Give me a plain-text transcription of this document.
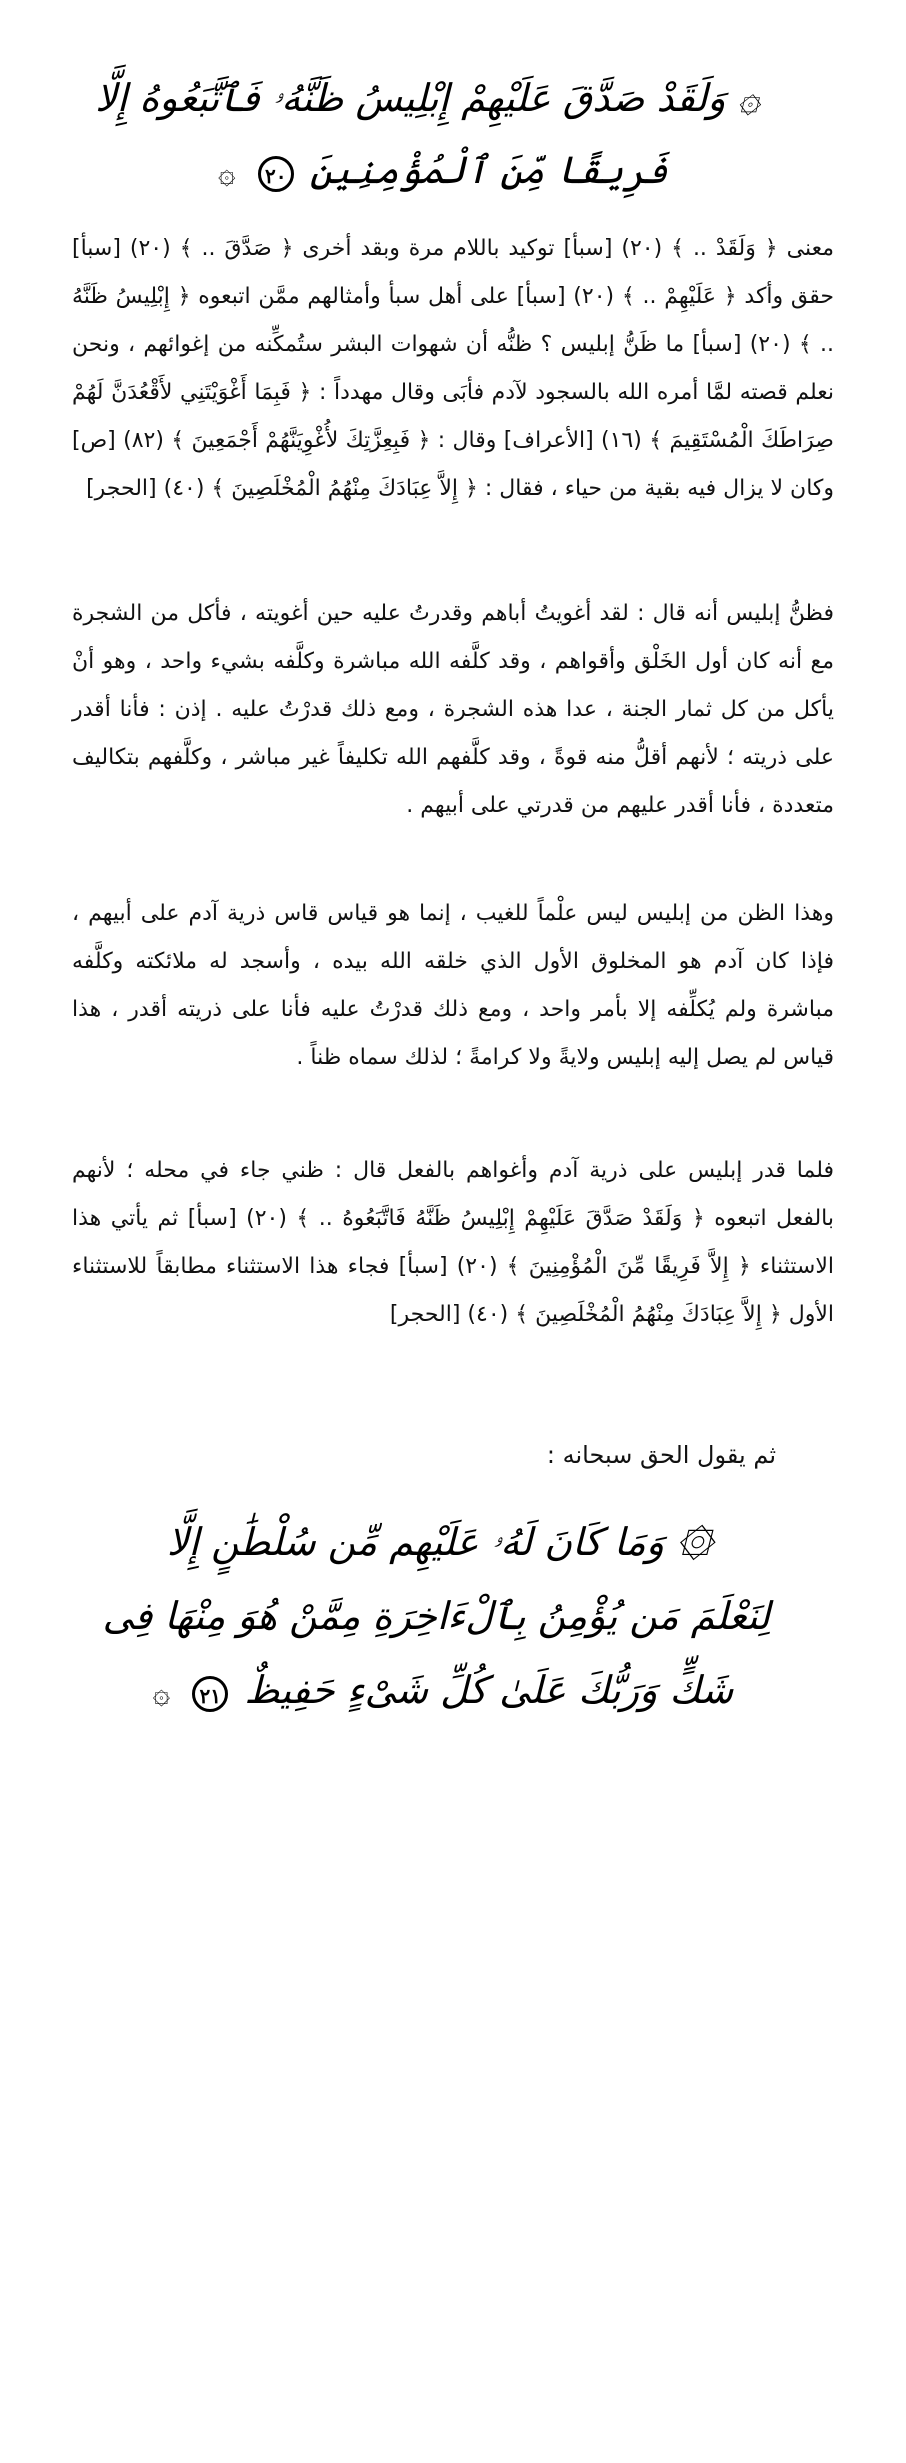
۞ وَلَقَدْ صَدَّقَ عَلَيْهِمْ إِبْلِيسُ ظَنَّهُۥ فَٱتَّبَعُوهُ إِلَّا
فَرِيقًا مِّنَ ٱلْمُؤْمِنِينَ ٢٠ ۞
معنى ﴿ وَلَقَدْ .. ﴾ (٢٠) [سبأ] توكيد باللام مرة وبقد أخرى ﴿ صَدَّقَ .. ﴾ (٢٠) [سبأ] حقق وأكد ﴿ عَلَيْهِمْ .. ﴾ (٢٠) [سبأ] على أهل سبأ وأمثالهم ممَّن اتبعوه ﴿ إِبْلِيسُ ظَنَّهُ .. ﴾ (٢٠) [سبأ] ما ظَنُّ إبليس ؟ ظنُّه أن شهوات البشر ستُمكِّنه من إغوائهم ، ونحن نعلم قصته لمَّا أمره الله بالسجود لآدم فأبَى وقال مهدداً : ﴿ فَبِمَا أَغْوَيْتَنِي لأَقْعُدَنَّ لَهُمْ صِرَاطَكَ الْمُسْتَقِيمَ ﴾ (١٦) [الأعراف] وقال : ﴿ فَبِعِزَّتِكَ لأُغْوِيَنَّهُمْ أَجْمَعِينَ ﴾ (٨٢) [ص] وكان لا يزال فيه بقية من حياء ، فقال : ﴿ إِلاَّ عِبَادَكَ مِنْهُمُ الْمُخْلَصِينَ ﴾ (٤٠) [الحجر]
فظنُّ إبليس أنه قال : لقد أغويتُ أباهم وقدرتُ عليه حين أغويته ، فأكل من الشجرة مع أنه كان أول الخَلْق وأقواهم ، وقد كلَّفه الله مباشرة وكلَّفه بشيء واحد ، وهو أنْ يأكل من كل ثمار الجنة ، عدا هذه الشجرة ، ومع ذلك قدرْتُ عليه . إذن : فأنا أقدر على ذريته ؛ لأنهم أقلُّ منه قوةً ، وقد كلَّفهم الله تكليفاً غير مباشر ، وكلَّفهم بتكاليف متعددة ، فأنا أقدر عليهم من قدرتي على أبيهم .
وهذا الظن من إبليس ليس علْماً للغيب ، إنما هو قياس قاس ذرية آدم على أبيهم ، فإذا كان آدم هو المخلوق الأول الذي خلقه الله بيده ، وأسجد له ملائكته وكلَّفه مباشرة ولم يُكلِّفه إلا بأمر واحد ، ومع ذلك قدرْتُ عليه فأنا على ذريته أقدر ، هذا قياس لم يصل إليه إبليس ولايةً ولا كرامةً ؛ لذلك سماه ظناً .
فلما قدر إبليس على ذرية آدم وأغواهم بالفعل قال : ظني جاء في محله ؛ لأنهم بالفعل اتبعوه ﴿ وَلَقَدْ صَدَّقَ عَلَيْهِمْ إِبْلِيسُ ظَنَّهُ فَاتَّبَعُوهُ .. ﴾ (٢٠) [سبأ] ثم يأتي هذا الاستثناء ﴿ إِلاَّ فَرِيقًا مِّنَ الْمُؤْمِنِينَ ﴾ (٢٠) [سبأ] فجاء هذا الاستثناء مطابقاً للاستثناء الأول ﴿ إِلاَّ عِبَادَكَ مِنْهُمُ الْمُخْلَصِينَ ﴾ (٤٠) [الحجر]
ثم يقول الحق سبحانه :
۞ وَمَا كَانَ لَهُۥ عَلَيْهِم مِّن سُلْطَٰنٍ إِلَّا
لِنَعْلَمَ مَن يُؤْمِنُ بِٱلْءَاخِرَةِ مِمَّنْ هُوَ مِنْهَا فِى
شَكٍّ وَرَبُّكَ عَلَىٰ كُلِّ شَىْءٍ حَفِيظٌ ٢١ ۞
